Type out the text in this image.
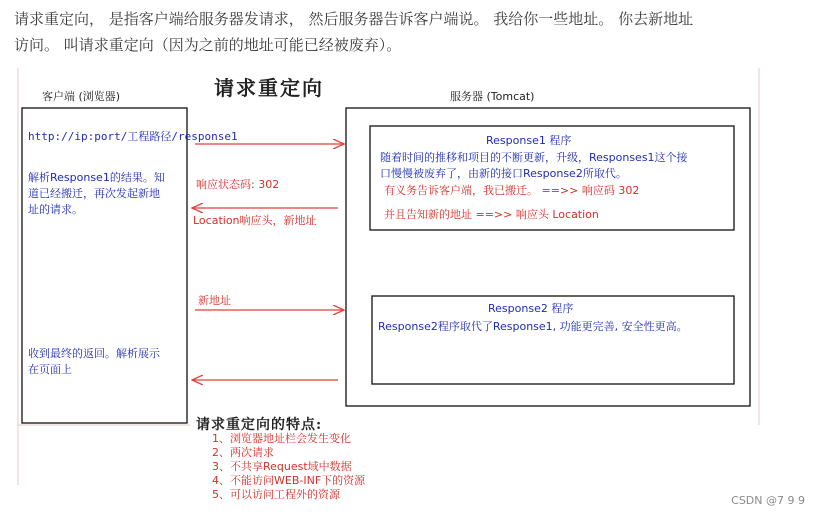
请求重定向， 是指客户端给服务器发请求， 然后服务器告诉客户端说。 我给你一些地址。 你去新地址
访问。 叫请求重定向（因为之前的地址可能已经被废弃）。
请求重定向
客户端 (浏览器)	服务器 (Tomcat)
http://ip:port/工程路径/response1
解析Response1的结果。知
道已经搬迁，再次发起新地
址的请求。
收到最终的返回。解析展示
在页面上
响应状态码: 302
Location响应头，新地址
新地址
Response1 程序
随着时间的推移和项目的不断更新，升级，Responses1这个接
口慢慢被废弃了，由新的接口Response2所取代。
有义务告诉客户端，我已搬迁。 ==>> 响应码 302
并且告知新的地址 ==>> 响应头 Location
Response2 程序
Response2程序取代了Response1, 功能更完善, 安全性更高。
请求重定向的特点:
1、浏览器地址栏会发生变化
2、两次请求
3、不共享Request域中数据
4、不能访问WEB-INF下的资源
5、可以访问工程外的资源	CSDN @7 9 9
